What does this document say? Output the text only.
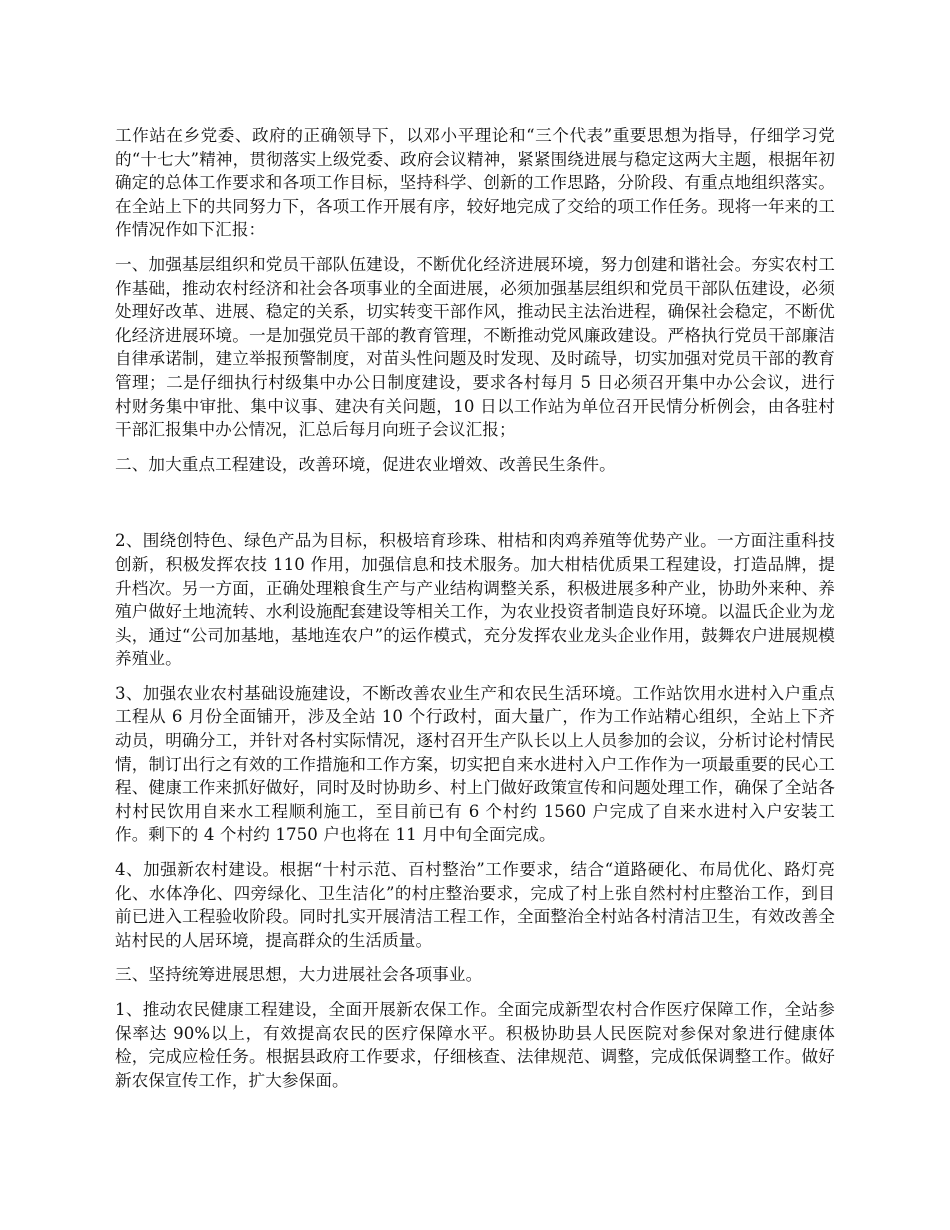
工作站在乡党委、政府的正确领导下，以邓小平理论和“三个代表”重要思想为指导，仔细学习党的“十七大”精神，贯彻落实上级党委、政府会议精神，紧紧围绕进展与稳定这两大主题，根据年初确定的总体工作要求和各项工作目标，坚持科学、创新的工作思路，分阶段、有重点地组织落实。在全站上下的共同努力下，各项工作开展有序，较好地完成了交给的项工作任务。现将一年来的工作情况作如下汇报：

一、加强基层组织和党员干部队伍建设，不断优化经济进展环境，努力创建和谐社会。夯实农村工作基础，推动农村经济和社会各项事业的全面进展，必须加强基层组织和党员干部队伍建设，必须处理好改革、进展、稳定的关系，切实转变干部作风，推动民主法治进程，确保社会稳定，不断优化经济进展环境。一是加强党员干部的教育管理，不断推动党风廉政建设。严格执行党员干部廉洁自律承诺制，建立举报预警制度，对苗头性问题及时发现、及时疏导，切实加强对党员干部的教育管理；二是仔细执行村级集中办公日制度建设，要求各村每月 5 日必须召开集中办公会议，进行村财务集中审批、集中议事、建决有关问题，10 日以工作站为单位召开民情分析例会，由各驻村干部汇报集中办公情况，汇总后每月向班子会议汇报；

二、加大重点工程建设，改善环境，促进农业增效、改善民生条件。

2、围绕创特色、绿色产品为目标，积极培育珍珠、柑桔和肉鸡养殖等优势产业。一方面注重科技创新，积极发挥农技 110 作用，加强信息和技术服务。加大柑桔优质果工程建设，打造品牌，提升档次。另一方面，正确处理粮食生产与产业结构调整关系，积极进展多种产业，协助外来种、养殖户做好土地流转、水利设施配套建设等相关工作，为农业投资者制造良好环境。以温氏企业为龙头，通过“公司加基地，基地连农户”的运作模式，充分发挥农业龙头企业作用，鼓舞农户进展规模养殖业。

3、加强农业农村基础设施建设，不断改善农业生产和农民生活环境。工作站饮用水进村入户重点工程从 6 月份全面铺开，涉及全站 10 个行政村，面大量广，作为工作站精心组织，全站上下齐动员，明确分工，并针对各村实际情况，逐村召开生产队长以上人员参加的会议，分析讨论村情民情，制订出行之有效的工作措施和工作方案，切实把自来水进村入户工作作为一项最重要的民心工程、健康工作来抓好做好，同时及时协助乡、村上门做好政策宣传和问题处理工作，确保了全站各村村民饮用自来水工程顺利施工，至目前已有 6 个村约 1560 户完成了自来水进村入户安装工作。剩下的 4 个村约 1750 户也将在 11 月中旬全面完成。

4、加强新农村建设。根据“十村示范、百村整治”工作要求，结合“道路硬化、布局优化、路灯亮化、水体净化、四旁绿化、卫生洁化”的村庄整治要求，完成了村上张自然村村庄整治工作，到目前已进入工程验收阶段。同时扎实开展清洁工程工作，全面整治全村站各村清洁卫生，有效改善全站村民的人居环境，提高群众的生活质量。

三、坚持统筹进展思想，大力进展社会各项事业。

1、推动农民健康工程建设，全面开展新农保工作。全面完成新型农村合作医疗保障工作，全站参保率达 90%以上，有效提高农民的医疗保障水平。积极协助县人民医院对参保对象进行健康体检，完成应检任务。根据县政府工作要求，仔细核查、法律规范、调整，完成低保调整工作。做好新农保宣传工作，扩大参保面。
